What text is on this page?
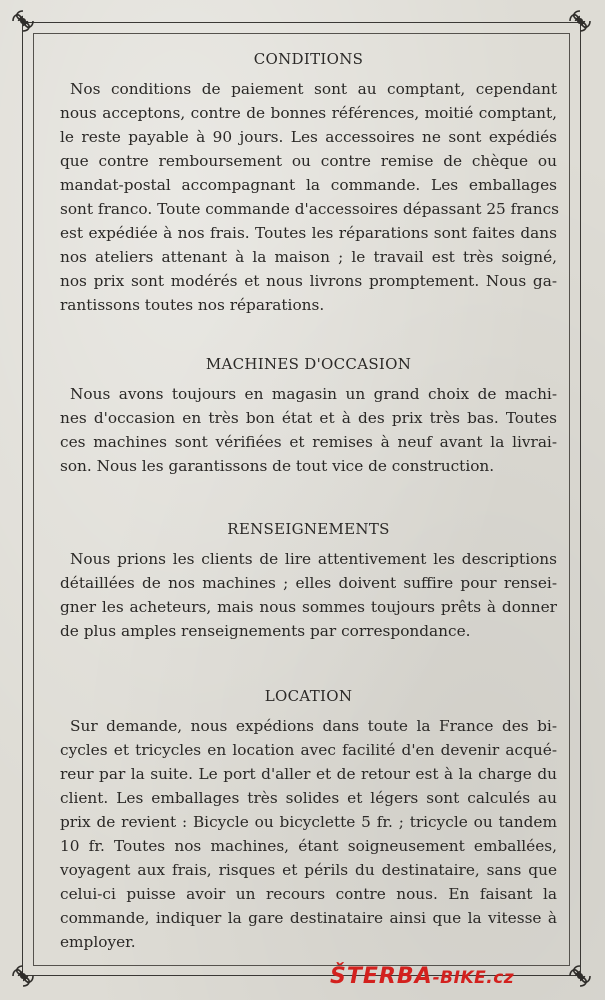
CONDITIONS
Nos conditions de paiement sont au comptant, cependant
nous acceptons, contre de bonnes références, moitié comptant,
le reste payable à 90 jours. Les accessoires ne sont expédiés
que contre remboursement ou contre remise de chèque ou
mandat-postal accompagnant la commande. Les emballages
sont franco. Toute commande d'accessoires dépassant 25 francs
est expédiée à nos frais. Toutes les réparations sont faites dans
nos ateliers attenant à la maison ; le travail est très soigné,
nos prix sont modérés et nous livrons promptement. Nous ga-
rantissons toutes nos réparations.
MACHINES D'OCCASION
Nous avons toujours en magasin un grand choix de machi-
nes d'occasion en très bon état et à des prix très bas. Toutes
ces machines sont vérifiées et remises à neuf avant la livrai-
son. Nous les garantissons de tout vice de construction.
RENSEIGNEMENTS
Nous prions les clients de lire attentivement les descriptions
détaillées de nos machines ; elles doivent suffire pour rensei-
gner les acheteurs, mais nous sommes toujours prêts à donner
de plus amples renseignements par correspondance.
LOCATION
Sur demande, nous expédions dans toute la France des bi-
cycles et tricycles en location avec facilité d'en devenir acqué-
reur par la suite. Le port d'aller et de retour est à la charge du
client. Les emballages très solides et légers sont calculés au
prix de revient : Bicycle ou bicyclette 5 fr. ; tricycle ou tandem
10 fr. Toutes nos machines, étant soigneusement emballées,
voyagent aux frais, risques et périls du destinataire, sans que
celui-ci puisse avoir un recours contre nous. En faisant la
commande, indiquer la gare destinataire ainsi que la vitesse à
employer.
ŠTERBA-BIKE.cz
